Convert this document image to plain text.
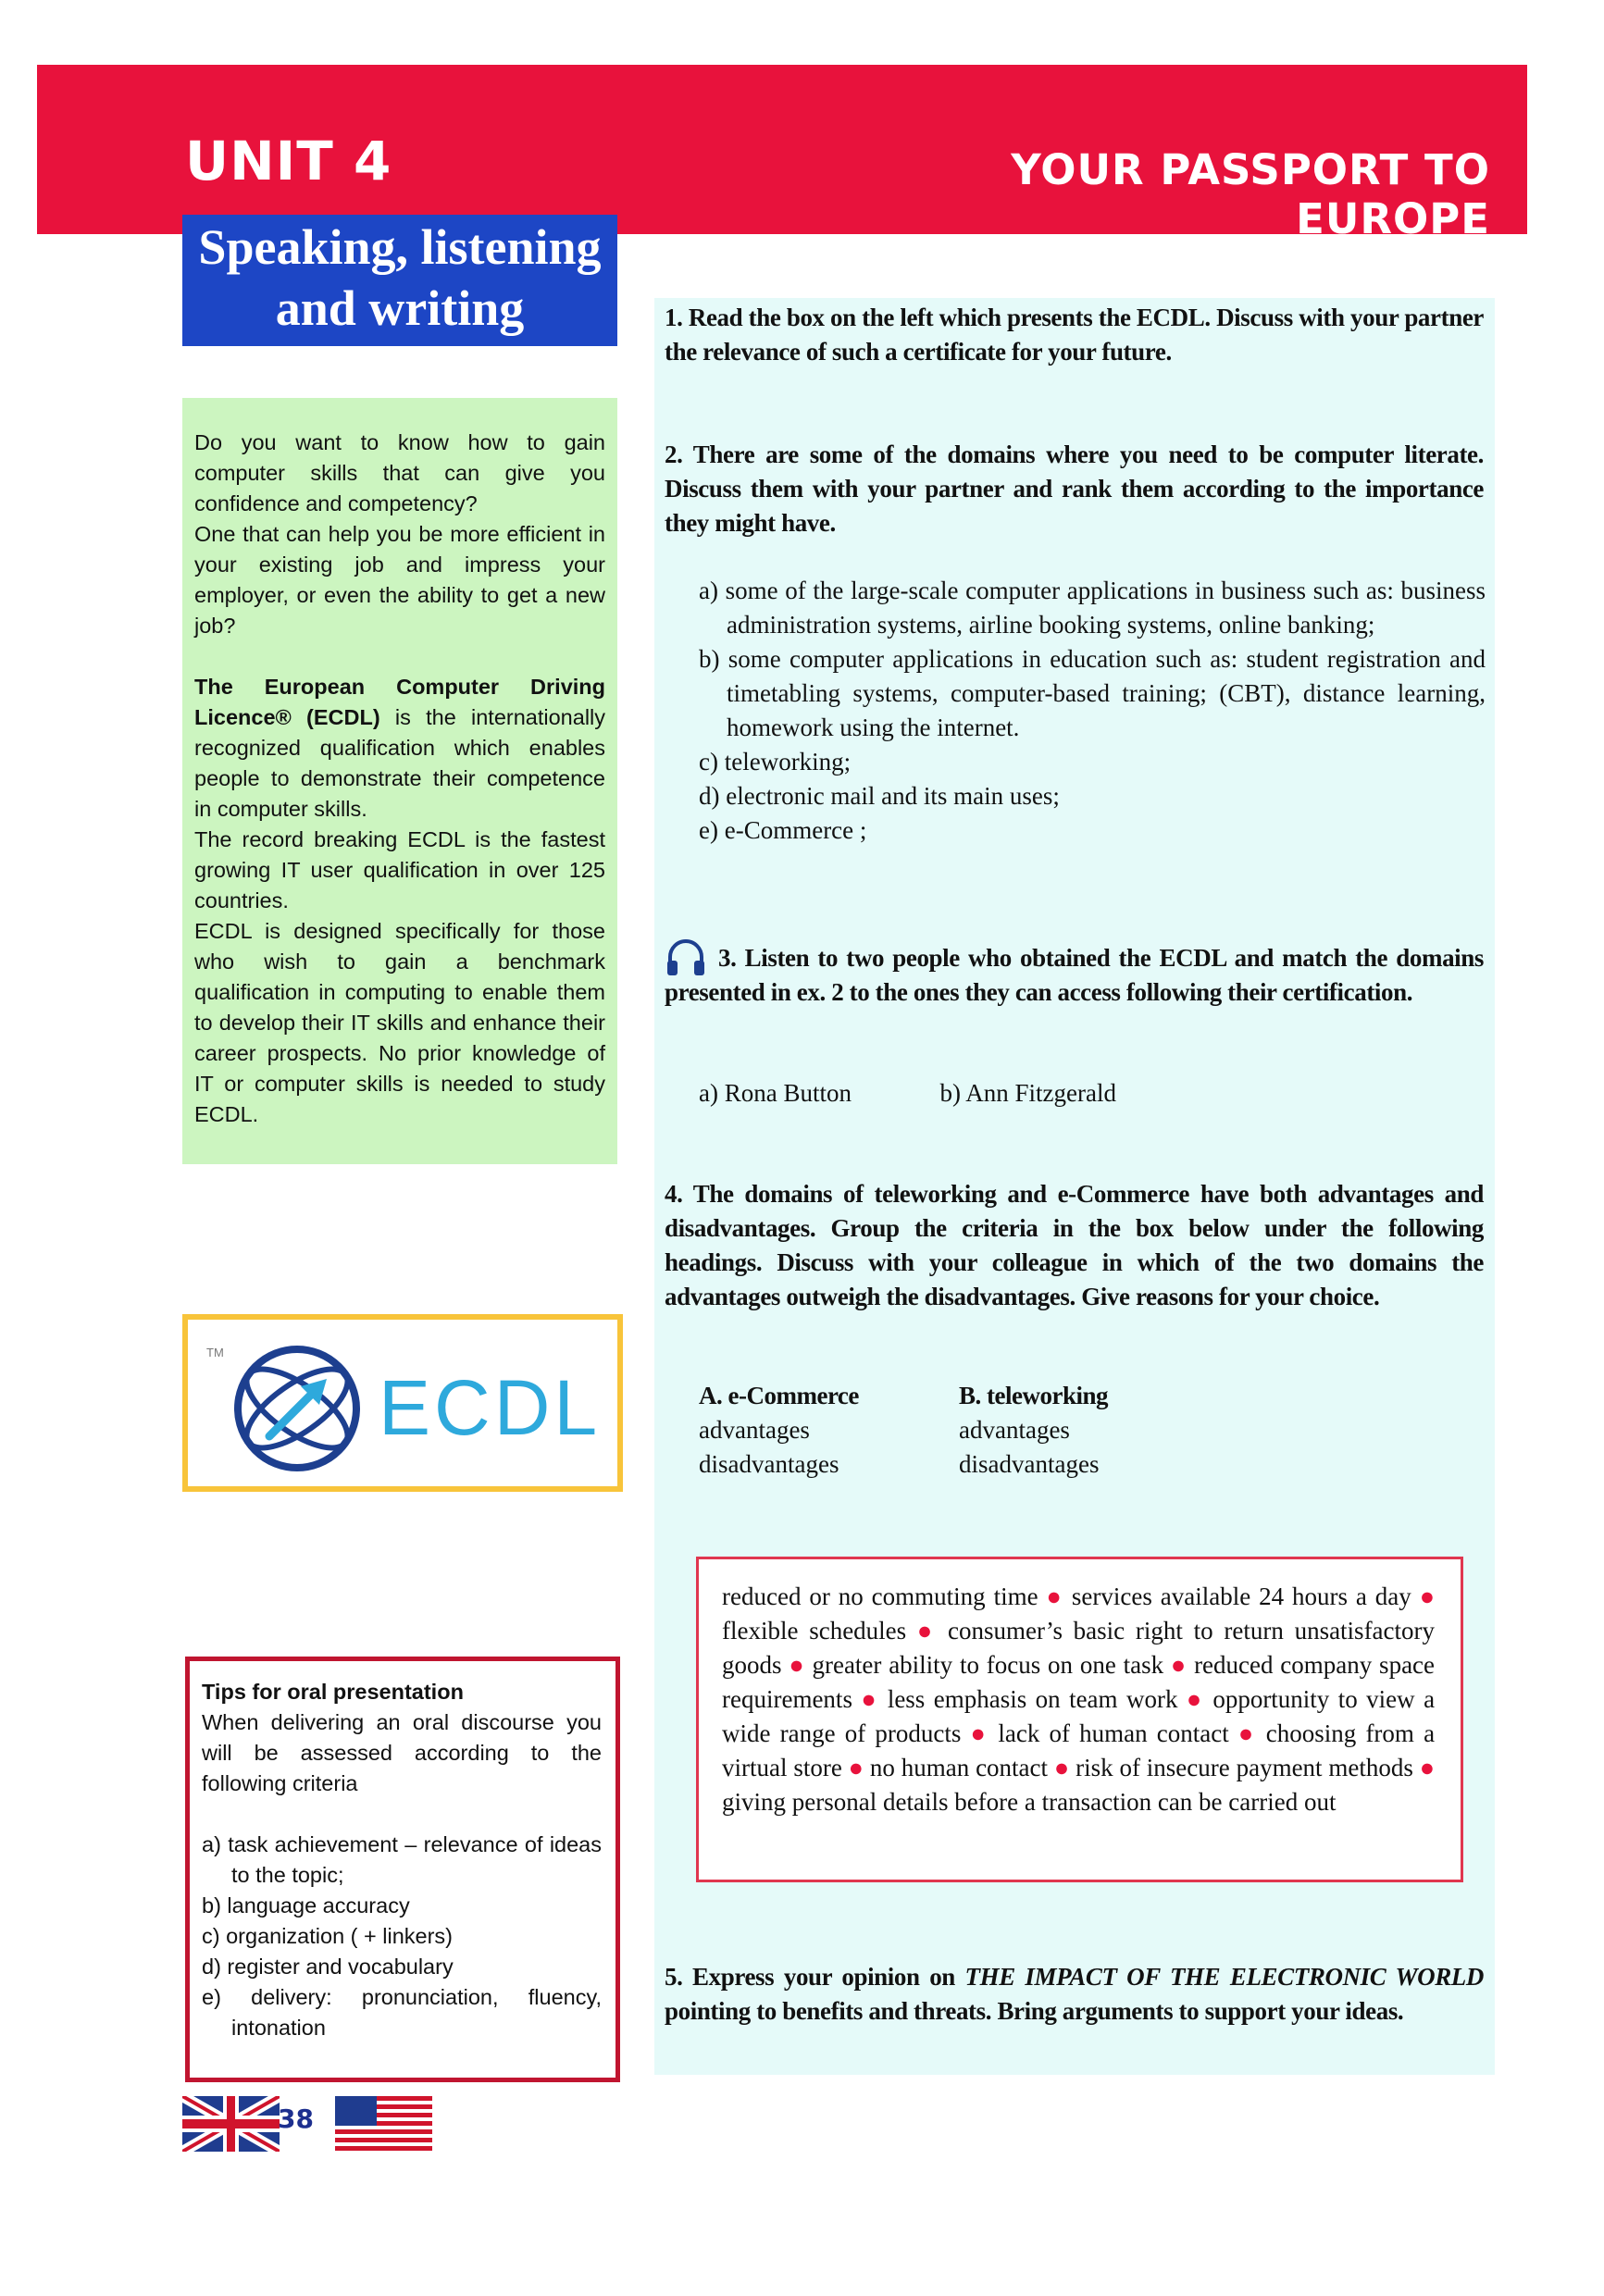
UNIT 4	YOUR PASSPORT TO EUROPE
Speaking, listening
and writing

Do you want to know how to gain computer skills that can give you confidence and competency?

One that can help you be more efficient in your existing job and impress your employer, or even the ability to get a new job?

The European Computer Driving Licence® (ECDL) is the internationally recognized qualification which enables people to demonstrate their competence in computer skills.

The record breaking ECDL is the fastest growing IT user qualification in over 125 countries.

ECDL is designed specifically for those who wish to gain a benchmark qualification in computing to enable them to develop their IT skills and enhance their career prospects. No prior knowledge of IT or computer skills is needed to study ECDL.

TM
ECDL

Tips for oral presentation

When delivering an oral discourse you will be assessed according to the following criteria

a) task achievement – relevance of ideas to the topic;

b) language accuracy

c) organization ( + linkers)

d) register and vocabulary

e) delivery: pronunciation, fluency, intonation

38

1. Read the box on the left which presents the ECDL. Discuss with your partner the relevance of such a certificate for your future.

2. There are some of the domains where you need to be computer literate. Discuss them with your partner and rank them according to the importance they might have.

a) some of the large-scale computer applications in business such as: business administration systems, airline booking systems, online banking;
b) some computer applications in education such as: student registration and timetabling systems, computer-based training; (CBT), distance learning, homework using the internet.
c) teleworking;
d) electronic mail and its main uses;
e) e-Commerce ;

3. Listen to two people who obtained the ECDL and match the domains presented in ex. 2 to the ones they can access following their certification.

a) Rona Button	b) Ann Fitzgerald

4. The domains of teleworking and e-Commerce have both advantages and disadvantages. Group the criteria in the box below under the following headings. Discuss with your colleague in which of the two domains the advantages outweigh the disadvantages. Give reasons for your choice.

A. e-Commerce
advantages
disadvantages
B. teleworking
advantages
disadvantages
reduced or no commuting time ● services available 24 hours a day ● flexible schedules ● consumer’s basic right to return unsatisfactory goods ● greater ability to focus on one task ● reduced company space requirements ● less emphasis on team work ● opportunity to view a wide range of products ● lack of human contact ● choosing from a virtual store ● no human contact ● risk of insecure payment methods ● giving personal details before a transaction can be carried out

5. Express your opinion on THE IMPACT OF THE ELECTRONIC WORLD pointing to benefits and threats. Bring arguments to support your ideas.
